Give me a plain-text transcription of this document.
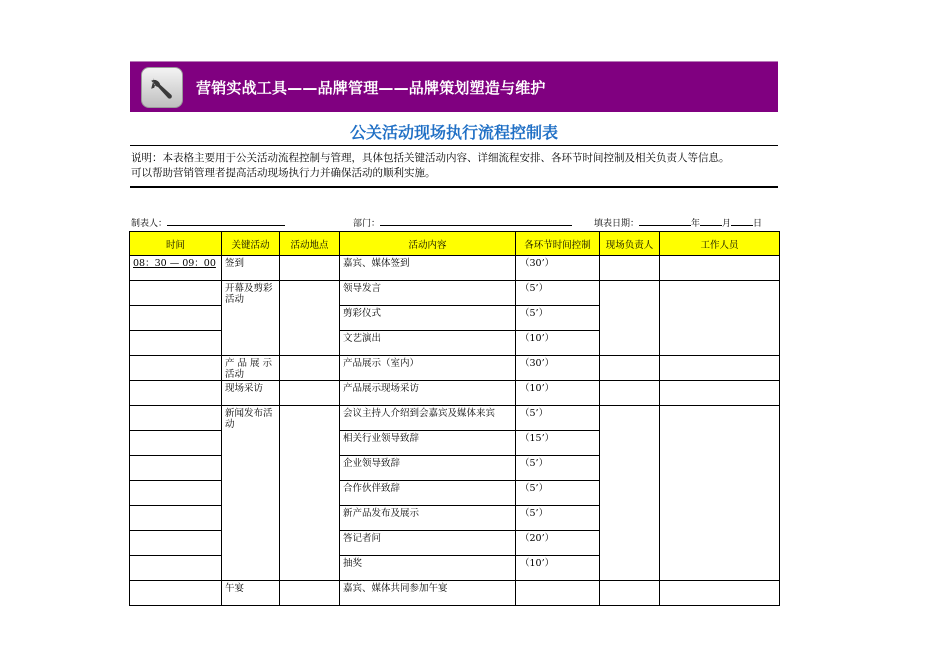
营销实战工具——品牌管理——品牌策划塑造与维护
公关活动现场执行流程控制表
说明：本表格主要用于公关活动流程控制与管理，具体包括关键活动内容、详细流程安排、各环节时间控制及相关负责人等信息。
可以帮助营销管理者提高活动现场执行力并确保活动的顺利实施。
制表人：	部门：	填表日期：	年 月 日
时间	关键活动	活动地点	活动内容	各环节时间控制	现场负责人	工作人员

08：30 — 09：00	签到		嘉宾、媒体签到	（30’）		

	开幕及剪彩活动		领导发言	（5’）		

			剪彩仪式	（5’）		

			文艺演出	（10’）		

	产 品 展 示 活动		产品展示（室内）	（30’）		

	现场采访		产品展示现场采访	（10’）		

	新闻发布活动		会议主持人介绍到会嘉宾及媒体来宾	（5’）		

			相关行业领导致辞	（15’）		

			企业领导致辞	（5’）		

			合作伙伴致辞	（5’）		

			新产品发布及展示	（5’）		

			答记者问	（20’）		

			抽奖	（10’）		

	午宴		嘉宾、媒体共同参加午宴			
